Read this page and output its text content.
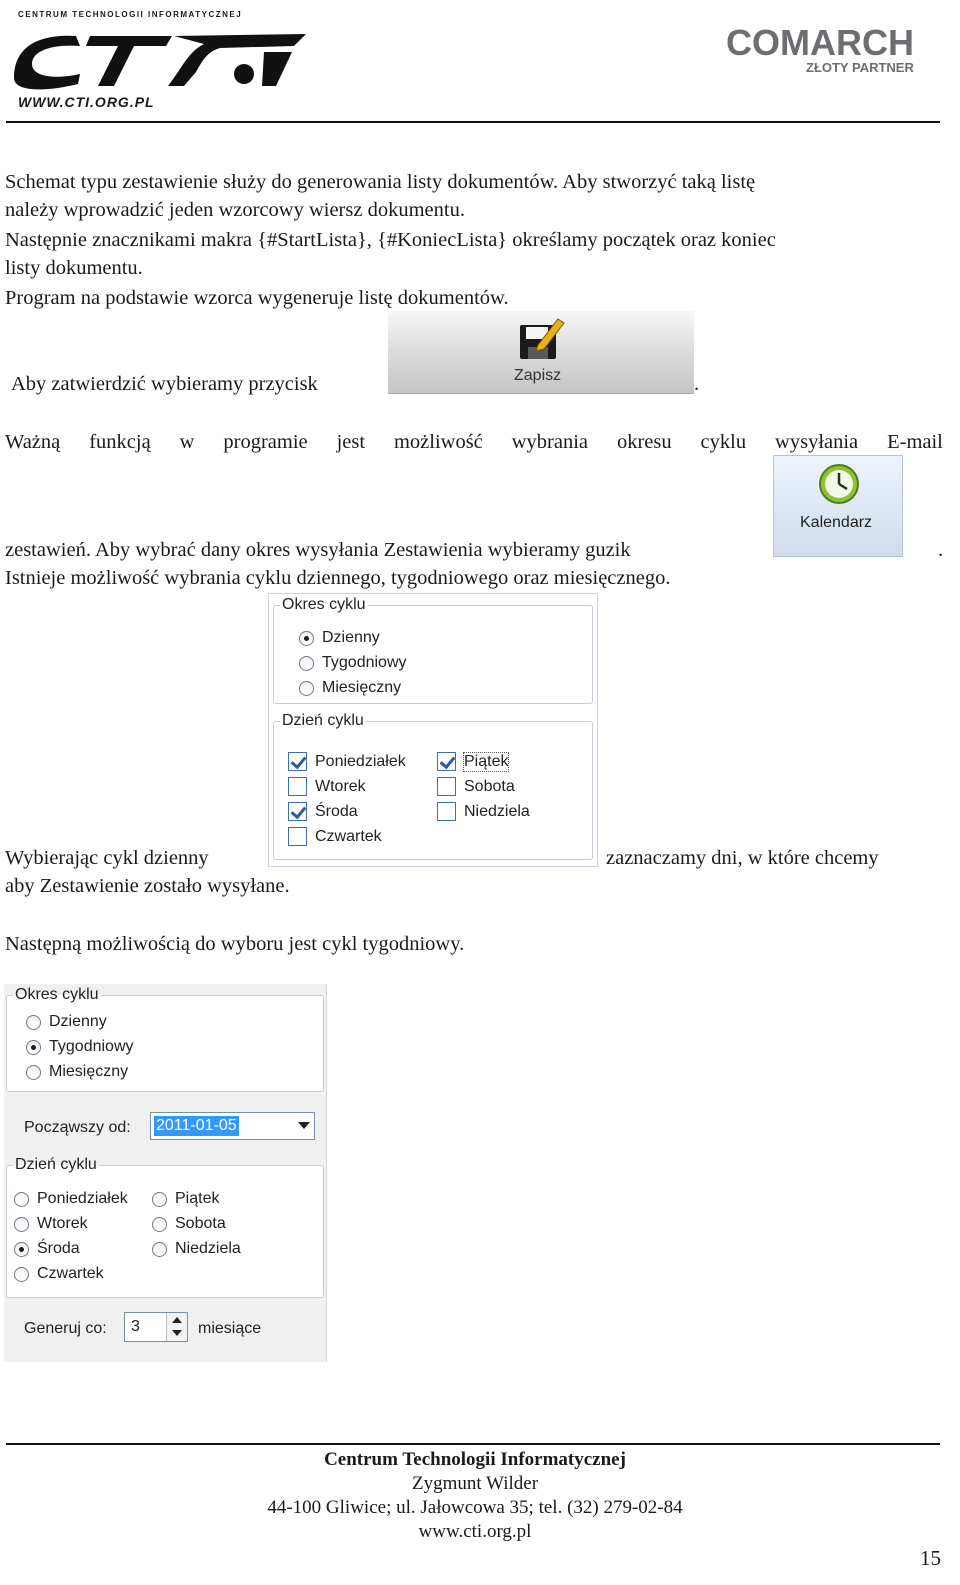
CENTRUM TECHNOLOGII INFORMATYCZNEJ
WWW.CTI.ORG.PL
COMARCH
ZŁOTY PARTNER
Schemat typu zestawienie służy do generowania listy dokumentów. Aby stworzyć taką listę
należy wprowadzić jeden wzorcowy wiersz dokumentu.
Następnie znacznikami makra {#StartLista}, {#KoniecLista} określamy początek oraz koniec
listy dokumentu.
Program na podstawie wzorca wygeneruje listę dokumentów.
Aby zatwierdzić wybieramy przycisk	Zapisz	.
Ważną funkcją w programie jest możliwość wybrania okresu cyklu wysyłania E-mail
Kalendarz
zestawień. Aby wybrać dany okres wysyłania Zestawienia wybieramy guzik	.
Istnieje możliwość wybrania cyklu dziennego, tygodniowego oraz miesięcznego.
Okres cyklu
Dzienny
Tygodniowy
Miesięczny
Dzień cyklu
Poniedziałek
Wtorek
Środa
Czwartek
Piątek
Sobota
Niedziela
Wybierając cykl dzienny	zaznaczamy dni, w które chcemy
aby Zestawienie zostało wysyłane.
Następną możliwością do wyboru jest cykl tygodniowy.
Okres cyklu
Dzienny
Tygodniowy
Miesięczny
Począwszy od: 2011-01-05
Dzień cyklu
Poniedziałek
Wtorek
Środa
Czwartek
Piątek
Sobota
Niedziela
Generuj co: 3	miesiące
Centrum Technologii Informatycznej
Zygmunt Wilder
44-100 Gliwice; ul. Jałowcowa 35; tel. (32) 279-02-84
www.cti.org.pl
15
